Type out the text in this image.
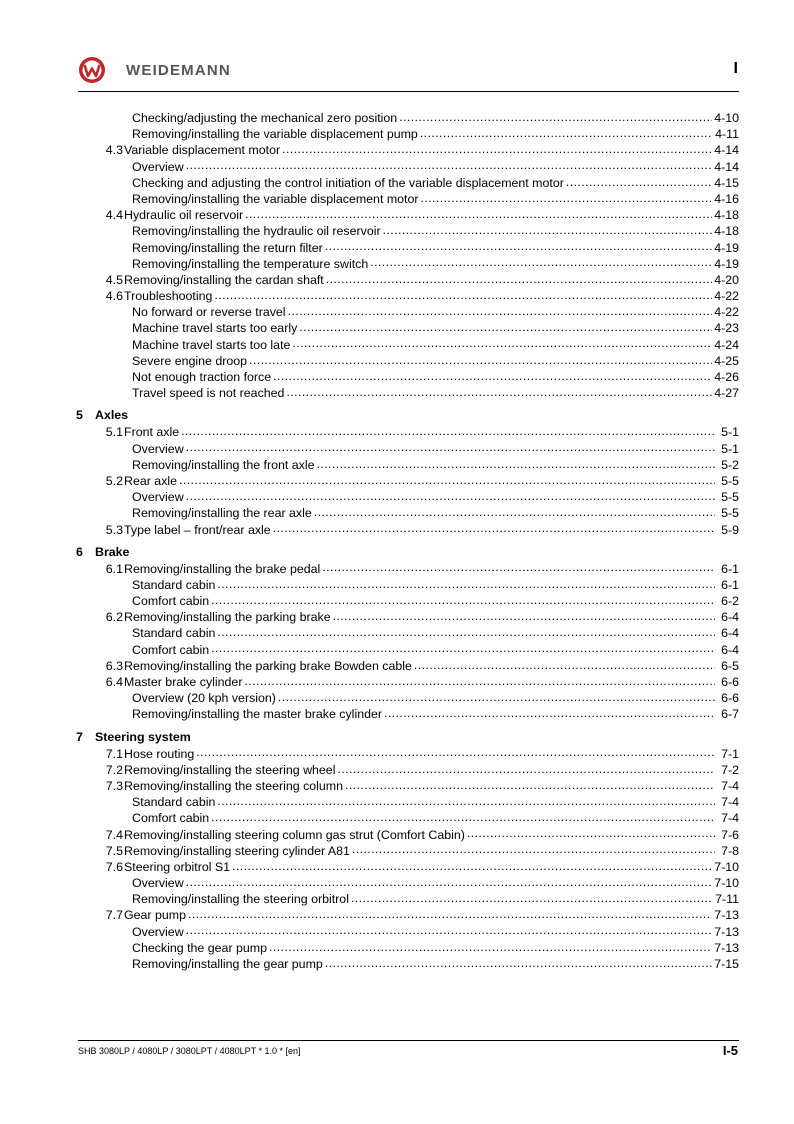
WEIDEMANN	I
Checking/adjusting the mechanical zero position .....	4-10
Removing/installing the variable displacement pump .....	4-11
4.3 Variable displacement motor .....	4-14
Overview .....	4-14
Checking and adjusting the control initiation of the variable displacement motor .....	4-15
Removing/installing the variable displacement motor .....	4-16
4.4 Hydraulic oil reservoir .....	4-18
Removing/installing the hydraulic oil reservoir .....	4-18
Removing/installing the return filter .....	4-19
Removing/installing the temperature switch .....	4-19
4.5 Removing/installing the cardan shaft .....	4-20
4.6 Troubleshooting .....	4-22
No forward or reverse travel .....	4-22
Machine travel starts too early .....	4-23
Machine travel starts too late .....	4-24
Severe engine droop .....	4-25
Not enough traction force .....	4-26
Travel speed is not reached .....	4-27
5 Axles
5.1 Front axle .....	5-1
Overview .....	5-1
Removing/installing the front axle .....	5-2
5.2 Rear axle .....	5-5
Overview .....	5-5
Removing/installing the rear axle .....	5-5
5.3 Type label – front/rear axle .....	5-9
6 Brake
6.1 Removing/installing the brake pedal .....	6-1
Standard cabin .....	6-1
Comfort cabin .....	6-2
6.2 Removing/installing the parking brake .....	6-4
Standard cabin .....	6-4
Comfort cabin .....	6-4
6.3 Removing/installing the parking brake Bowden cable .....	6-5
6.4 Master brake cylinder .....	6-6
Overview (20 kph version) .....	6-6
Removing/installing the master brake cylinder .....	6-7
7 Steering system
7.1 Hose routing .....	7-1
7.2 Removing/installing the steering wheel .....	7-2
7.3 Removing/installing the steering column .....	7-4
Standard cabin .....	7-4
Comfort cabin .....	7-4
7.4 Removing/installing steering column gas strut (Comfort Cabin) .....	7-6
7.5 Removing/installing steering cylinder A81 .....	7-8
7.6 Steering orbitrol S1 .....	7-10
Overview .....	7-10
Removing/installing the steering orbitrol .....	7-11
7.7 Gear pump .....	7-13
Overview .....	7-13
Checking the gear pump .....	7-13
Removing/installing the gear pump .....	7-15
SHB 3080LP / 4080LP / 3080LPT / 4080LPT * 1.0 * [en]	I-5
